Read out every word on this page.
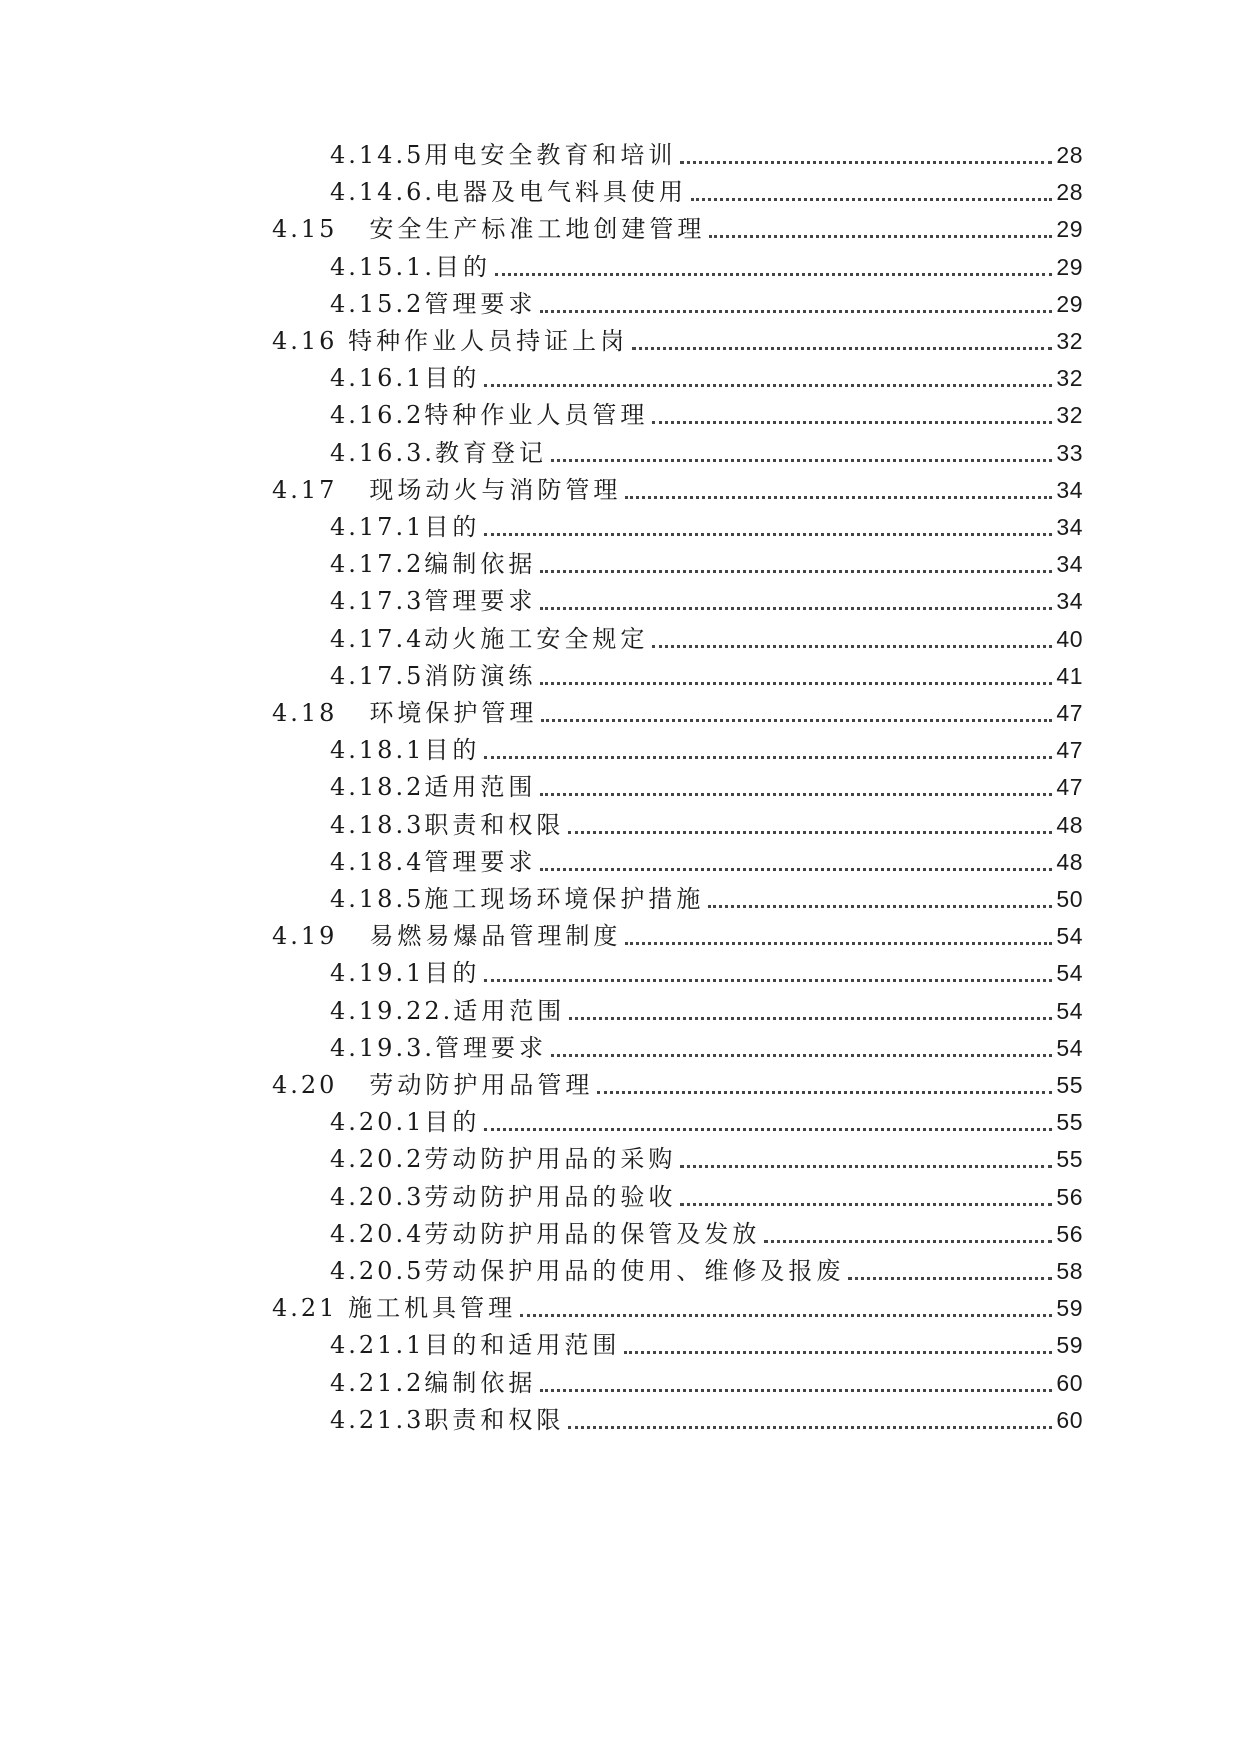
4.14.5 用电安全教育和培训	28
4.14.6. 电器及电气料具使用	28
4.15 安全生产标准工地创建管理	29
4.15.1. 目的	29
4.15.2 管理要求	29
4.16 特种作业人员持证上岗	32
4.16.1 目的	32
4.16.2 特种作业人员管理	32
4.16.3. 教育登记	33
4.17 现场动火与消防管理	34
4.17.1 目的	34
4.17.2 编制依据	34
4.17.3 管理要求	34
4.17.4 动火施工安全规定	40
4.17.5 消防演练	41
4.18 环境保护管理	47
4.18.1 目的	47
4.18.2 适用范围	47
4.18.3 职责和权限	48
4.18.4 管理要求	48
4.18.5 施工现场环境保护措施	50
4.19 易燃易爆品管理制度	54
4.19.1 目的	54
4.19.22. 适用范围	54
4.19.3. 管理要求	54
4.20 劳动防护用品管理	55
4.20.1 目的	55
4.20.2 劳动防护用品的采购	55
4.20.3 劳动防护用品的验收	56
4.20.4 劳动防护用品的保管及发放	56
4.20.5 劳动保护用品的使用、维修及报废	58
4.21 施工机具管理	59
4.21.1 目的和适用范围	59
4.21.2 编制依据	60
4.21.3 职责和权限	60
